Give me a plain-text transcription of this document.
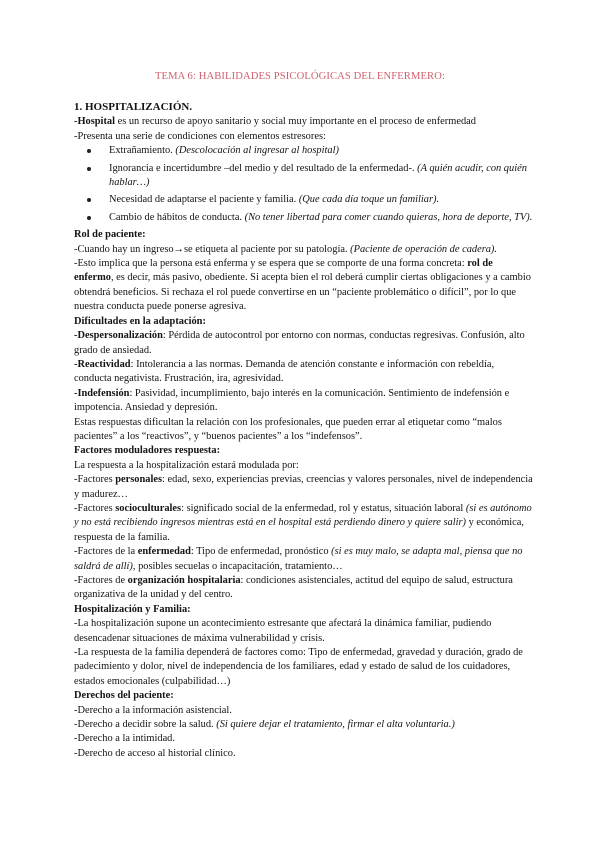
TEMA 6: HABILIDADES PSICOLÓGICAS DEL ENFERMERO:

1. HOSPITALIZACIÓN.

-Hospital es un recurso de apoyo sanitario y social muy importante en el proceso de enfermedad

-Presenta una serie de condiciones con elementos estresores:

Extrañamiento. (Descolocación al ingresar al hospital)
Ignorancia e incertidumbre –del medio y del resultado de la enfermedad-. (A quién acudir, con quién hablar…)
Necesidad de adaptarse el paciente y familia. (Que cada día toque un familiar).
Cambio de hábitos de conducta. (No tener libertad para comer cuando quieras, hora de deporte, TV).

Rol de paciente:

-Cuando hay un ingreso→se etiqueta al paciente por su patología. (Paciente de operación de cadera).

-Esto implica que la persona está enferma y se espera que se comporte de una forma concreta: rol de enfermo, es decir, más pasivo, obediente. Si acepta bien el rol deberá cumplir ciertas obligaciones y a cambio obtendrá beneficios. Si rechaza el rol puede convertirse en un “paciente problemático o difícil”, por lo que nuestra conducta puede ponerse agresiva.

Dificultades en la adaptación:

-Despersonalización: Pérdida de autocontrol por entorno con normas, conductas regresivas. Confusión, alto grado de ansiedad.

-Reactividad: Intolerancia a las normas. Demanda de atención constante e información con rebeldía, conducta negativista. Frustración, ira, agresividad.

-Indefensión: Pasividad, incumplimiento, bajo interés en la comunicación. Sentimiento de indefensión e impotencia. Ansiedad y depresión.

Estas respuestas dificultan la relación con los profesionales, que pueden errar al etiquetar como “malos pacientes” a los “reactivos”, y “buenos pacientes” a los “indefensos”.

Factores moduladores respuesta:

La respuesta a la hospitalización estará modulada por:

-Factores personales: edad, sexo, experiencias previas, creencias y valores personales, nivel de independencia y madurez…

-Factores socioculturales: significado social de la enfermedad, rol y estatus, situación laboral (si es autónomo y no está recibiendo ingresos mientras está en el hospital está perdiendo dinero y quiere salir) y económica, respuesta de la familia.

-Factores de la enfermedad: Tipo de enfermedad, pronóstico (si es muy malo, se adapta mal, piensa que no saldrá de allí), posibles secuelas o incapacitación, tratamiento…

-Factores de organización hospitalaria: condiciones asistenciales, actitud del equipo de salud, estructura organizativa de la unidad y del centro.

Hospitalización y Familia:

-La hospitalización supone un acontecimiento estresante que afectará la dinámica familiar, pudiendo desencadenar situaciones de máxima vulnerabilidad y crisis.

-La respuesta de la familia dependerá de factores como: Tipo de enfermedad, gravedad y duración, grado de padecimiento y dolor, nivel de independencia de los familiares, edad y estado de salud de los cuidadores, estados emocionales (culpabilidad…)

Derechos del paciente:

-Derecho a la información asistencial.

-Derecho a decidir sobre la salud. (Si quiere dejar el tratamiento, firmar el alta voluntaria.)

-Derecho a la intimidad.

-Derecho de acceso al historial clínico.
